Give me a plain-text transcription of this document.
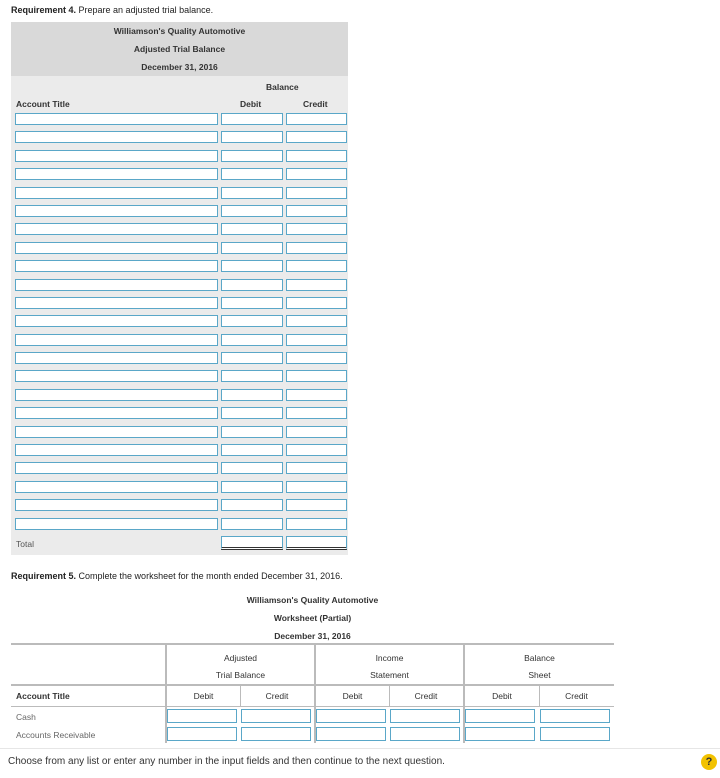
Requirement 4. Prepare an adjusted trial balance.
Williamson's Quality Automotive
Adjusted Trial Balance
December 31, 2016
Balance
Account Title	Debit	Credit
Total
Requirement 5. Complete the worksheet for the month ended December 31, 2016.
Williamson's Quality Automotive
Worksheet (Partial)
December 31, 2016
Adjusted
Trial Balance
Income
Statement
Balance
Sheet
Account Title	Debit	Credit	Debit	Credit	Debit	Credit
Cash
Accounts Receivable
Choose from any list or enter any number in the input fields and then continue to the next question.	?
